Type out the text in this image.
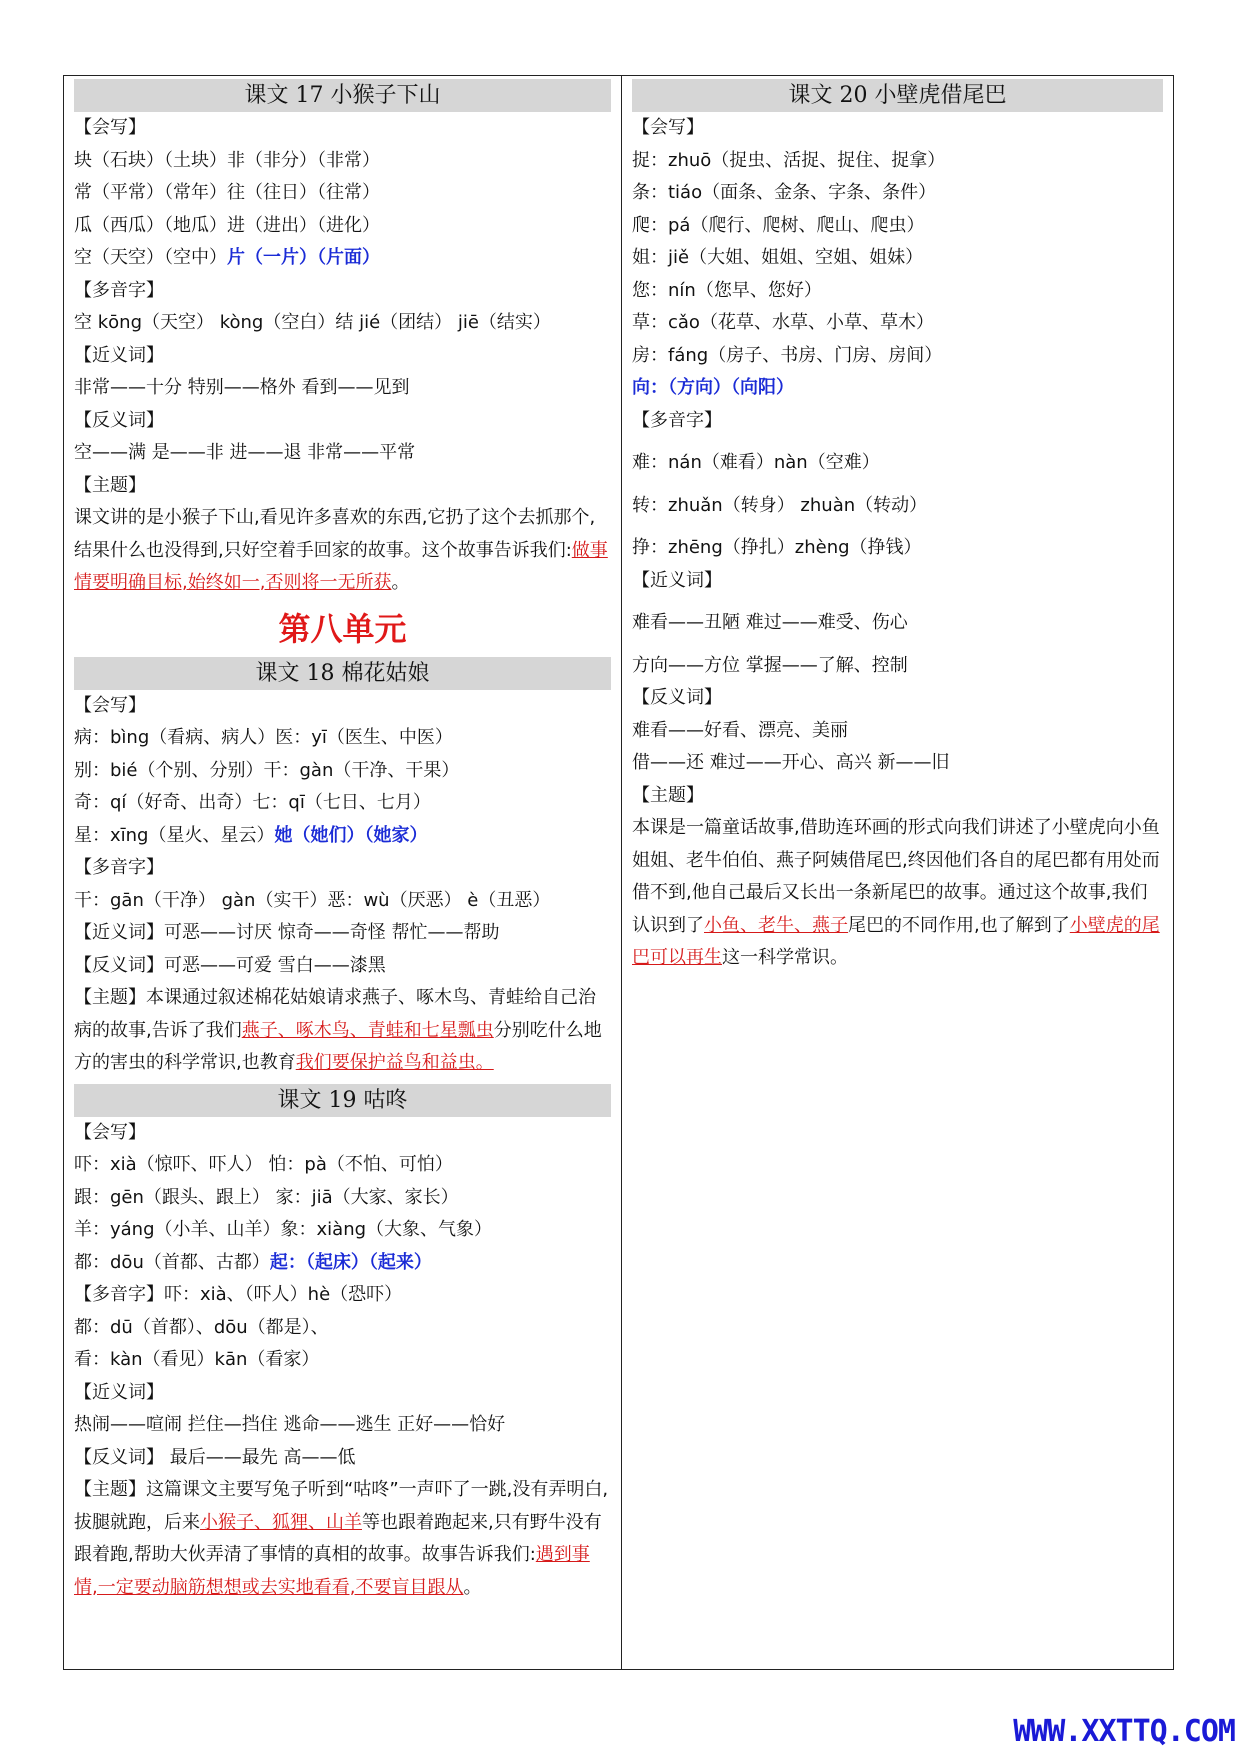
课文 17 小猴子下山
【会写】
块（石块）（土块）非（非分）（非常）
常（平常）（常年）往（往日）（往常）
瓜（西瓜）（地瓜）进（进出）（进化）
空（天空）（空中）片（一片）（片面）
【多音字】
空 kōng（天空） kòng（空白）结 jié（团结） jiē（结实）
【近义词】
非常——十分 特别——格外 看到——见到
【反义词】
空——满 是——非 进——退 非常——平常
【主题】
课文讲的是小猴子下山,看见许多喜欢的东西,它扔了这个去抓那个,结果什么也没得到,只好空着手回家的故事。这个故事告诉我们:做事情要明确目标,始终如一,否则将一无所获。
第八单元
课文 18 棉花姑娘
【会写】
病：bìng（看病、病人）医：yī（医生、中医）
别：bié（个别、分别）干：gàn（干净、干果）
奇：qí（好奇、出奇）七：qī（七日、七月）
星：xīng（星火、星云）她（她们）（她家）
【多音字】
干：gān（干净） gàn（实干）恶：wù（厌恶） è（丑恶）
【近义词】可恶——讨厌 惊奇——奇怪 帮忙——帮助
【反义词】可恶——可爱 雪白——漆黑
【主题】本课通过叙述棉花姑娘请求燕子、啄木鸟、青蛙给自己治病的故事,告诉了我们燕子、啄木鸟、青蛙和七星瓢虫分别吃什么地方的害虫的科学常识,也教育我们要保护益鸟和益虫。
课文 19 咕咚
【会写】
吓：xià（惊吓、吓人） 怕：pà（不怕、可怕）
跟：gēn（跟头、跟上） 家：jiā（大家、家长）
羊：yáng（小羊、山羊）象：xiàng（大象、气象）
都：dōu（首都、古都）起：（起床）（起来）
【多音字】吓：xià、（吓人）hè（恐吓）
都：dū（首都）、dōu（都是）、
看：kàn（看见）kān（看家）
【近义词】
热闹——喧闹 拦住—挡住 逃命——逃生 正好——恰好
【反义词】 最后——最先 高——低
【主题】这篇课文主要写兔子听到“咕咚”一声吓了一跳,没有弄明白,拔腿就跑，后来小猴子、狐狸、山羊等也跟着跑起来,只有野牛没有跟着跑,帮助大伙弄清了事情的真相的故事。故事告诉我们:遇到事情,一定要动脑筋想想或去实地看看,不要盲目跟从。
课文 20 小壁虎借尾巴
【会写】
捉：zhuō（捉虫、活捉、捉住、捉拿）
条：tiáo（面条、金条、字条、条件）
爬：pá（爬行、爬树、爬山、爬虫）
姐：jiě（大姐、姐姐、空姐、姐妹）
您：nín（您早、您好）
草：cǎo（花草、水草、小草、草木）
房：fáng（房子、书房、门房、房间）
向：（方向）（向阳）
【多音字】
难：nán（难看）nàn（空难）
转：zhuǎn（转身） zhuàn（转动）
挣：zhēng（挣扎）zhèng（挣钱）
【近义词】
难看——丑陋 难过——难受、伤心
方向——方位 掌握——了解、控制
【反义词】
难看——好看、漂亮、美丽
借——还 难过——开心、高兴 新——旧
【主题】
本课是一篇童话故事,借助连环画的形式向我们讲述了小壁虎向小鱼姐姐、老牛伯伯、燕子阿姨借尾巴,终因他们各自的尾巴都有用处而借不到,他自己最后又长出一条新尾巴的故事。通过这个故事,我们认识到了小鱼、老牛、燕子尾巴的不同作用,也了解到了小壁虎的尾巴可以再生这一科学常识。
WWW.XXTTQ.COM
